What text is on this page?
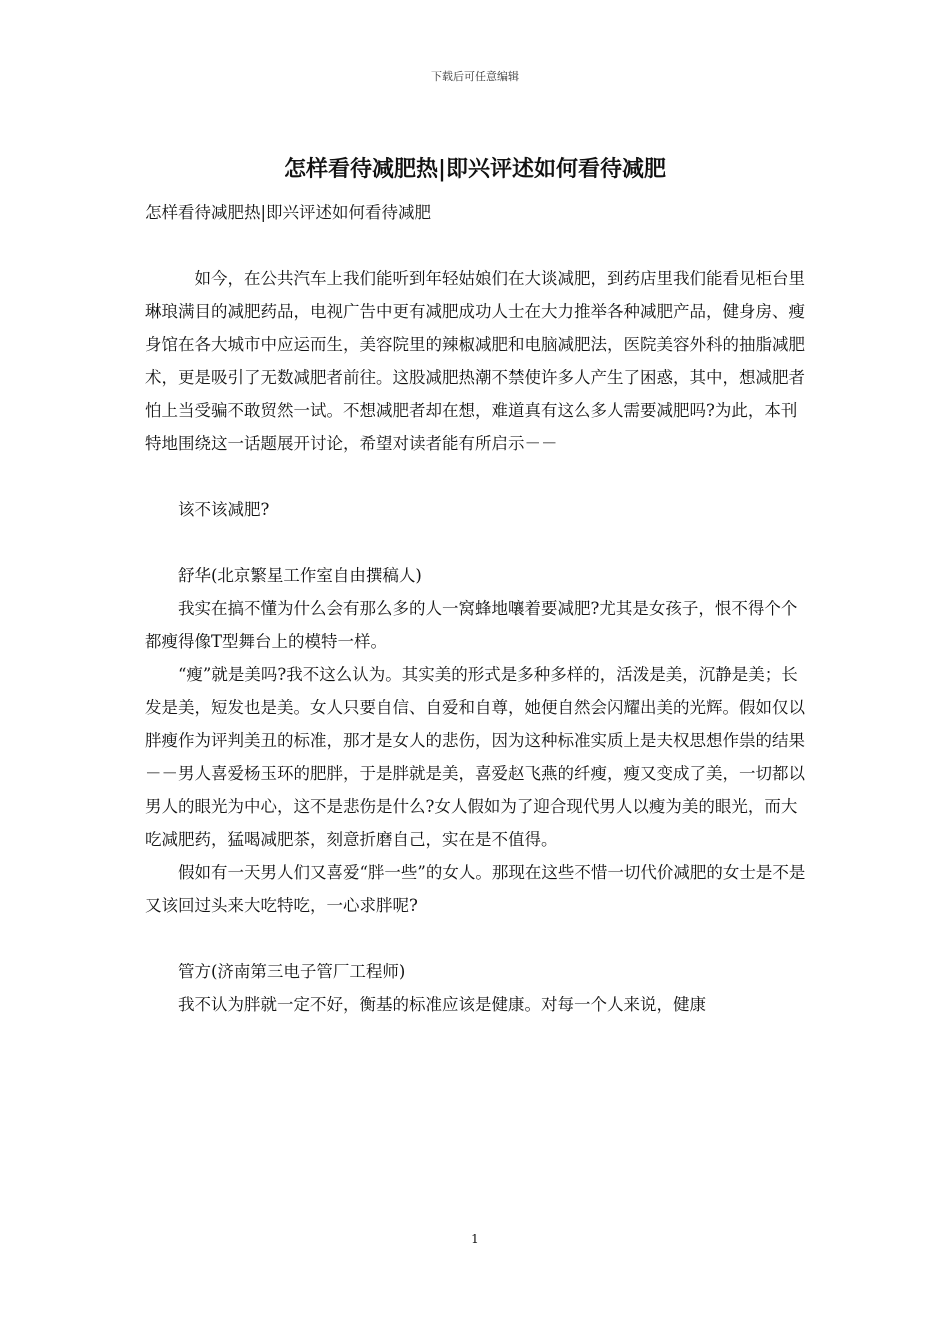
下载后可任意编辑
怎样看待减肥热|即兴评述如何看待减肥

怎样看待减肥热|即兴评述如何看待减肥

如今，在公共汽车上我们能听到年轻姑娘们在大谈减肥，到药店里我们能看见柜台里琳琅满目的减肥药品，电视广告中更有减肥成功人士在大力推举各种减肥产品，健身房、瘦身馆在各大城市中应运而生，美容院里的辣椒减肥和电脑减肥法，医院美容外科的抽脂减肥术，更是吸引了无数减肥者前往。这股减肥热潮不禁使许多人产生了困惑，其中，想减肥者怕上当受骗不敢贸然一试。不想减肥者却在想，难道真有这么多人需要减肥吗?为此，本刊特地围绕这一话题展开讨论，希望对读者能有所启示－－

该不该减肥?

舒华(北京繁星工作室自由撰稿人)

我实在搞不懂为什么会有那么多的人一窝蜂地嚷着要减肥?尤其是女孩子，恨不得个个都瘦得像T型舞台上的模特一样。

“瘦”就是美吗?我不这么认为。其实美的形式是多种多样的，活泼是美，沉静是美；长发是美，短发也是美。女人只要自信、自爱和自尊，她便自然会闪耀出美的光辉。假如仅以胖瘦作为评判美丑的标准，那才是女人的悲伤，因为这种标准实质上是夫权思想作祟的结果－－男人喜爱杨玉环的肥胖，于是胖就是美，喜爱赵飞燕的纤瘦，瘦又变成了美，一切都以男人的眼光为中心，这不是悲伤是什么?女人假如为了迎合现代男人以瘦为美的眼光，而大吃减肥药，猛喝减肥茶，刻意折磨自己，实在是不值得。

假如有一天男人们又喜爱“胖一些”的女人。那现在这些不惜一切代价减肥的女士是不是又该回过头来大吃特吃，一心求胖呢?

管方(济南第三电子管厂工程师)

我不认为胖就一定不好，衡基的标准应该是健康。对每一个人来说，健康

1
